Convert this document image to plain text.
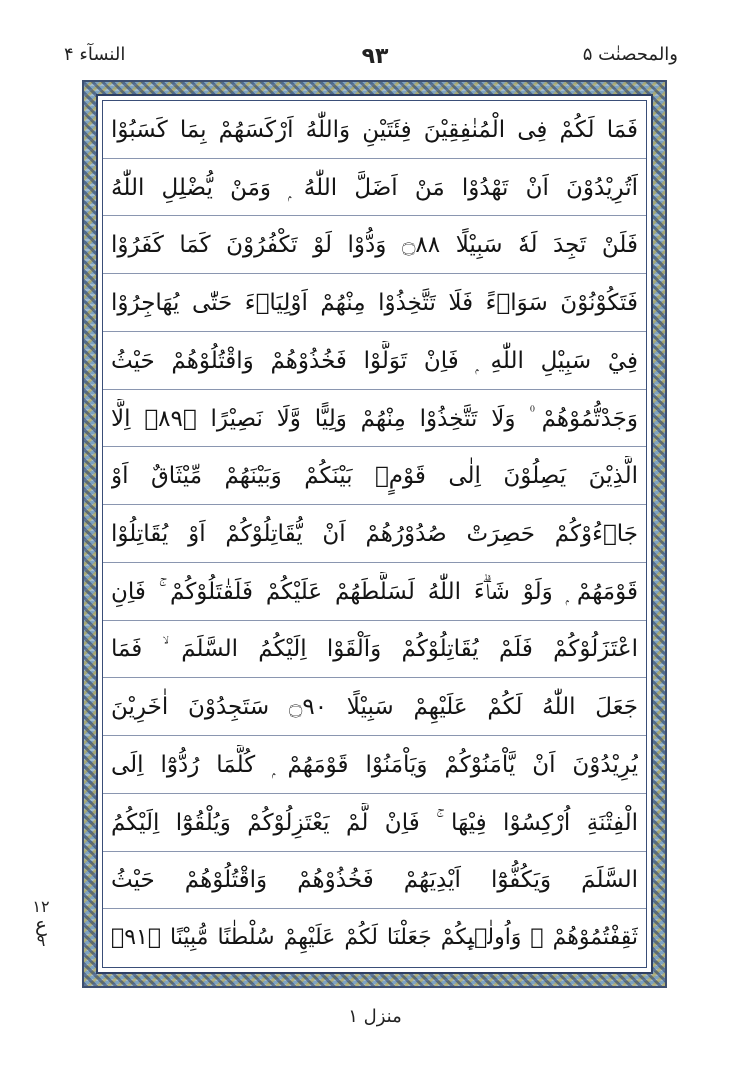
والمحصنٰت ۵
۹۳
النسآء ۴
فَمَا لَكُمْ فِى الْمُنٰفِقِيْنَ فِئَتَيْنِ وَاللّٰهُ اَرْكَسَهُمْ بِمَا كَسَبُوْا
اَتُرِيْدُوْنَ اَنْ تَهْدُوْا مَنْ اَضَلَّ اللّٰهُ ۭ وَمَنْ يُّضْلِلِ اللّٰهُ
فَلَنْ تَجِدَ لَهٗ سَبِيْلًا ۝٨٨ وَدُّوْا لَوْ تَكْفُرُوْنَ كَمَا كَفَرُوْا
فَتَكُوْنُوْنَ سَوَاۗءً فَلَا تَتَّخِذُوْا مِنْهُمْ اَوْلِيَاۗءَ حَتّٰى يُھَاجِرُوْا
فِيْ سَبِيْلِ اللّٰهِ ۭ فَاِنْ تَوَلَّوْا فَخُذُوْھُمْ وَاقْتُلُوْھُمْ حَيْثُ
وَجَدْتُّمُوْھُمْ ۠ وَلَا تَتَّخِذُوْا مِنْهُمْ وَلِيًّا وَّلَا نَصِيْرًا ۝٨٩ۙ اِلَّا
الَّذِيْنَ يَصِلُوْنَ اِلٰى قَوْمٍۢ بَيْنَكُمْ وَبَيْنَھُمْ مِّيْثَاقٌ اَوْ
جَاۗءُوْكُمْ حَصِرَتْ صُدُوْرُھُمْ اَنْ يُّقَاتِلُوْكُمْ اَوْ يُقَاتِلُوْا
قَوْمَھُمْ ۭ وَلَوْ شَاۗءَ اللّٰهُ لَسَلَّطَھُمْ عَلَيْكُمْ فَلَقٰتَلُوْكُمْ ۚ فَاِنِ
اعْتَزَلُوْكُمْ فَلَمْ يُقَاتِلُوْكُمْ وَاَلْقَوْا اِلَيْكُمُ السَّلَمَ ۙ فَمَا
جَعَلَ اللّٰهُ لَكُمْ عَلَيْهِمْ سَبِيْلًا ۝٩٠ سَتَجِدُوْنَ اٰخَرِيْنَ
يُرِيْدُوْنَ اَنْ يَّاْمَنُوْكُمْ وَيَاْمَنُوْا قَوْمَھُمْ ۭ كُلَّمَا رُدُّوْٓا اِلَى
الْفِتْنَةِ اُرْكِسُوْا فِيْھَا ۚ فَاِنْ لَّمْ يَعْتَزِلُوْكُمْ وَيُلْقُوْٓا اِلَيْكُمُ
السَّلَمَ وَيَكُفُّوْٓا اَيْدِيَھُمْ فَخُذُوْھُمْ وَاقْتُلُوْھُمْ حَيْثُ
ثَقِفْتُمُوْھُمْ ۭ وَاُولٰۗىِٕكُمْ جَعَلْنَا لَكُمْ عَلَيْهِمْ سُلْطٰنًا مُّبِيْنًا ۝٩١ۧ
۱۲
ع
۹
منزل ۱
